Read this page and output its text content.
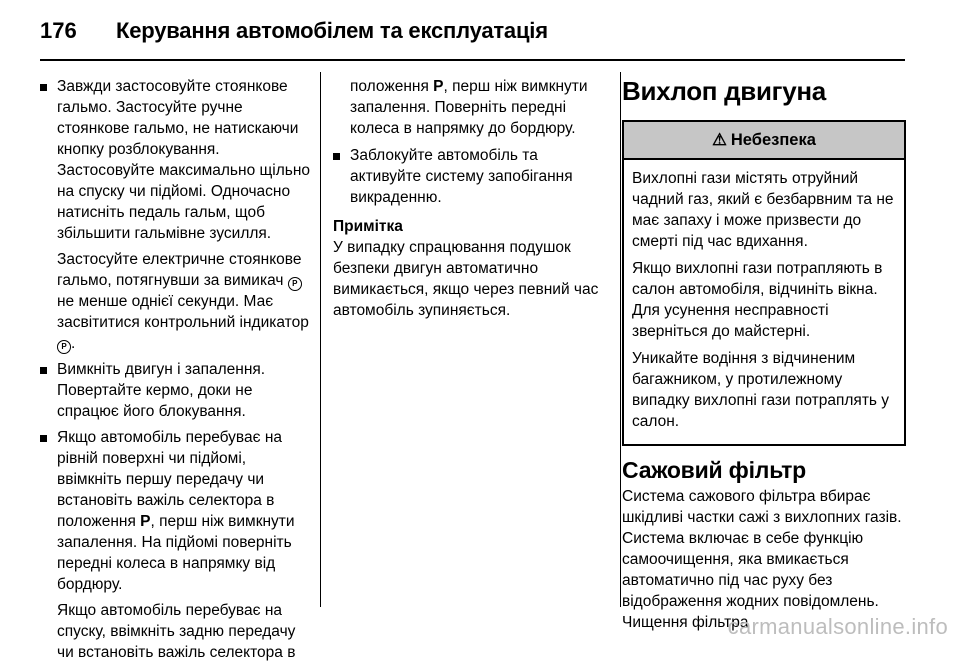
176 Керування автомобілем та експлуатація
Завжди застосовуйте стоянкове гальмо. Застосуйте ручне стоянкове гальмо, не натискаючи кнопку розблокування. Застосовуйте максимально щільно на спуску чи підйомі. Одночасно натисніть педаль гальм, щоб збільшити гальмівне зусилля.
Застосуйте електричне стоянкове гальмо, потягнувши за вимикач P не менше однієї секунди. Має засвітитися контрольний індикатор P .
Вимкніть двигун і запалення. Повертайте кермо, доки не спрацює його блокування.
Якщо автомобіль перебуває на рівній поверхні чи підйомі, ввімкніть першу передачу чи встановіть важіль селектора в положення P, перш ніж вимкнути запалення. На підйомі поверніть передні колеса в напрямку від бордюру.
Якщо автомобіль перебуває на спуску, ввімкніть задню передачу чи встановіть важіль селектора в
положення P, перш ніж вимкнути запалення. Поверніть передні колеса в напрямку до бордюру.
Заблокуйте автомобіль та активуйте систему запобігання викраденню.
Примітка
У випадку спрацювання подушок безпеки двигун автоматично вимикається, якщо через певний час автомобіль зупиняється.
Вихлоп двигуна
⚠ Небезпека
Вихлопні гази містять отруйний чадний газ, який є безбарвним та не має запаху і може призвести до смерті під час вдихання.
Якщо вихлопні гази потрапляють в салон автомобіля, відчиніть вікна. Для усунення несправності зверніться до майстерні.
Уникайте водіння з відчиненим багажником, у протилежному випадку вихлопні гази потраплять у салон.
Сажовий фільтр
Система сажового фільтра вбирає шкідливі частки сажі з вихлопних газів. Система включає в себе функцію самоочищення, яка вмикається автоматично під час руху без відображення жодних повідомлень. Чищення фільтра
carmanualsonline.info
